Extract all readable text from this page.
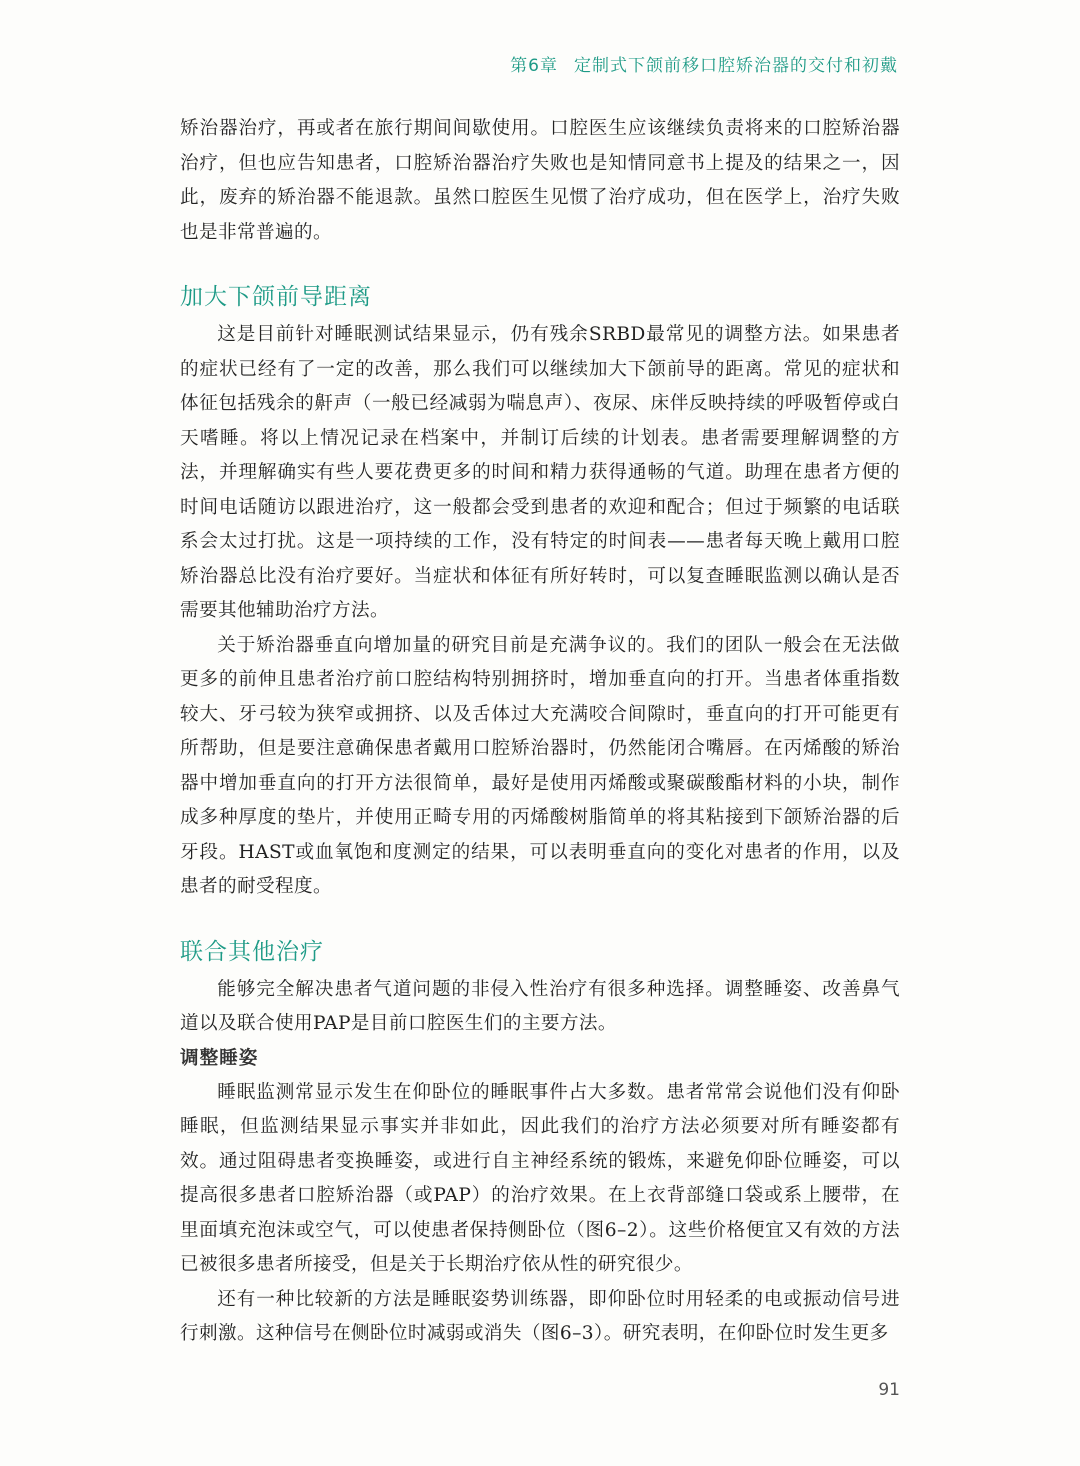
第6章 定制式下颌前移口腔矫治器的交付和初戴

矫治器治疗，再或者在旅行期间间歇使用。口腔医生应该继续负责将来的口腔矫治器治疗，但也应告知患者，口腔矫治器治疗失败也是知情同意书上提及的结果之一，因此，废弃的矫治器不能退款。虽然口腔医生见惯了治疗成功，但在医学上，治疗失败也是非常普遍的。

加大下颌前导距离

这是目前针对睡眠测试结果显示，仍有残余SRBD最常见的调整方法。如果患者的症状已经有了一定的改善，那么我们可以继续加大下颌前导的距离。常见的症状和体征包括残余的鼾声（一般已经减弱为喘息声）、夜尿、床伴反映持续的呼吸暂停或白天嗜睡。将以上情况记录在档案中，并制订后续的计划表。患者需要理解调整的方法，并理解确实有些人要花费更多的时间和精力获得通畅的气道。助理在患者方便的时间电话随访以跟进治疗，这一般都会受到患者的欢迎和配合；但过于频繁的电话联系会太过打扰。这是一项持续的工作，没有特定的时间表——患者每天晚上戴用口腔矫治器总比没有治疗要好。当症状和体征有所好转时，可以复查睡眠监测以确认是否需要其他辅助治疗方法。

关于矫治器垂直向增加量的研究目前是充满争议的。我们的团队一般会在无法做更多的前伸且患者治疗前口腔结构特别拥挤时，增加垂直向的打开。当患者体重指数较大、牙弓较为狭窄或拥挤、以及舌体过大充满咬合间隙时，垂直向的打开可能更有所帮助，但是要注意确保患者戴用口腔矫治器时，仍然能闭合嘴唇。在丙烯酸的矫治器中增加垂直向的打开方法很简单，最好是使用丙烯酸或聚碳酸酯材料的小块，制作成多种厚度的垫片，并使用正畸专用的丙烯酸树脂简单的将其粘接到下颌矫治器的后牙段。HAST或血氧饱和度测定的结果，可以表明垂直向的变化对患者的作用，以及患者的耐受程度。

联合其他治疗

能够完全解决患者气道问题的非侵入性治疗有很多种选择。调整睡姿、改善鼻气道以及联合使用PAP是目前口腔医生们的主要方法。

调整睡姿

睡眠监测常显示发生在仰卧位的睡眠事件占大多数。患者常常会说他们没有仰卧睡眠，但监测结果显示事实并非如此，因此我们的治疗方法必须要对所有睡姿都有效。通过阻碍患者变换睡姿，或进行自主神经系统的锻炼，来避免仰卧位睡姿，可以提高很多患者口腔矫治器（或PAP）的治疗效果。在上衣背部缝口袋或系上腰带，在里面填充泡沫或空气，可以使患者保持侧卧位（图6–2）。这些价格便宜又有效的方法已被很多患者所接受，但是关于长期治疗依从性的研究很少。

还有一种比较新的方法是睡眠姿势训练器，即仰卧位时用轻柔的电或振动信号进行刺激。这种信号在侧卧位时减弱或消失（图6–3）。研究表明，在仰卧位时发生更多

91
